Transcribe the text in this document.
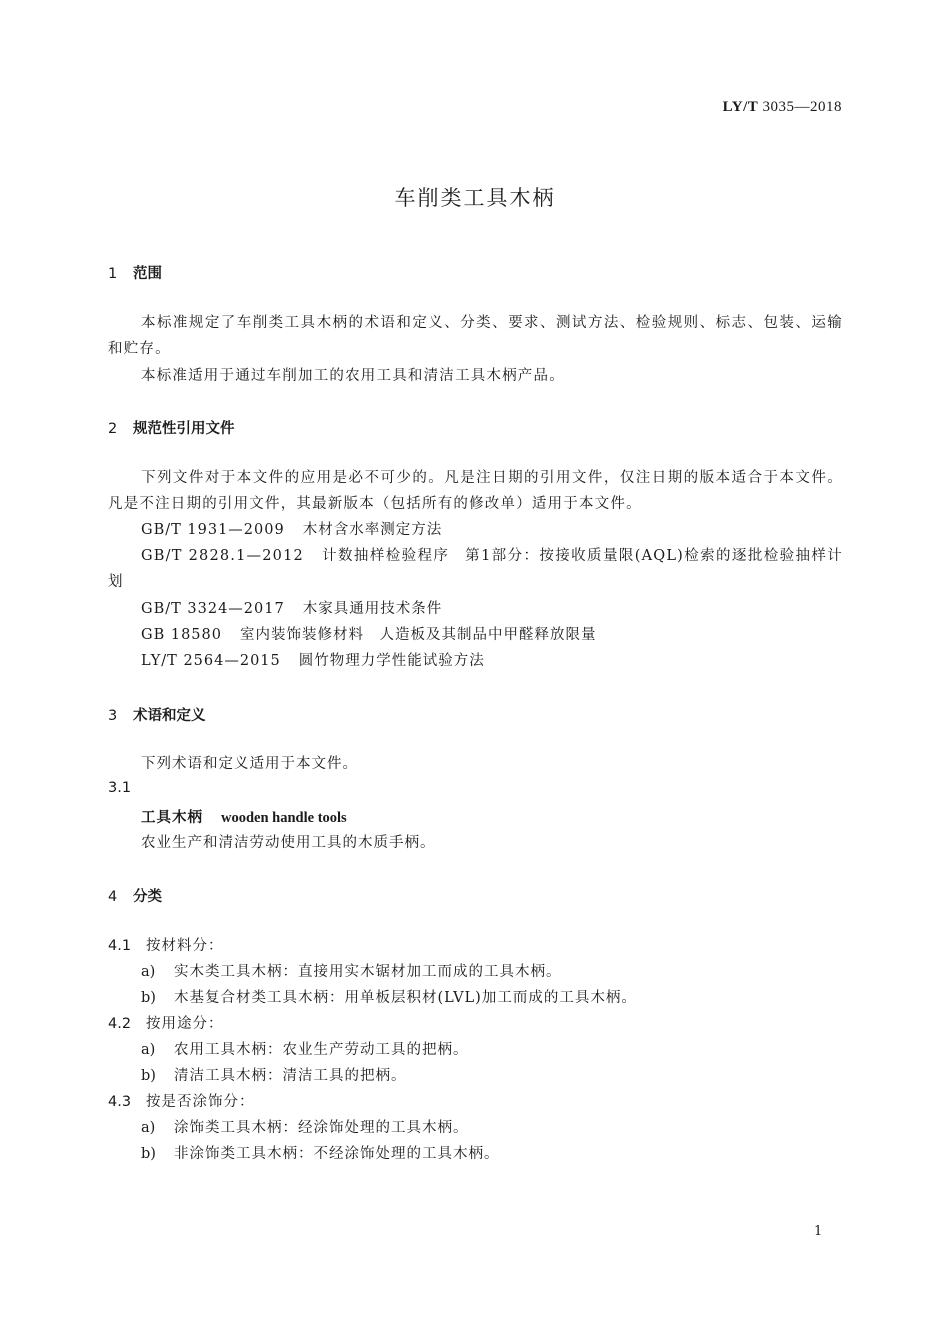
LY/T 3035—2018
车削类工具木柄
1 范围
本标准规定了车削类工具木柄的术语和定义、分类、要求、测试方法、检验规则、标志、包装、运输和贮存。
本标准适用于通过车削加工的农用工具和清洁工具木柄产品。
2 规范性引用文件
下列文件对于本文件的应用是必不可少的。凡是注日期的引用文件，仅注日期的版本适合于本文件。凡是不注日期的引用文件，其最新版本（包括所有的修改单）适用于本文件。
GB/T 1931—2009 木材含水率测定方法
GB/T 2828.1—2012 计数抽样检验程序　第1部分：按接收质量限(AQL)检索的逐批检验抽样计划
GB/T 3324—2017 木家具通用技术条件
GB 18580 室内装饰装修材料　人造板及其制品中甲醛释放限量
LY/T 2564—2015 圆竹物理力学性能试验方法
3 术语和定义
下列术语和定义适用于本文件。
3.1
工具木柄 wooden handle tools
农业生产和清洁劳动使用工具的木质手柄。
4 分类
4.1 按材料分：
a) 实木类工具木柄：直接用实木锯材加工而成的工具木柄。
b) 木基复合材类工具木柄：用单板层积材(LVL)加工而成的工具木柄。
4.2 按用途分：
a) 农用工具木柄：农业生产劳动工具的把柄。
b) 清洁工具木柄：清洁工具的把柄。
4.3 按是否涂饰分：
a) 涂饰类工具木柄：经涂饰处理的工具木柄。
b) 非涂饰类工具木柄：不经涂饰处理的工具木柄。
1
